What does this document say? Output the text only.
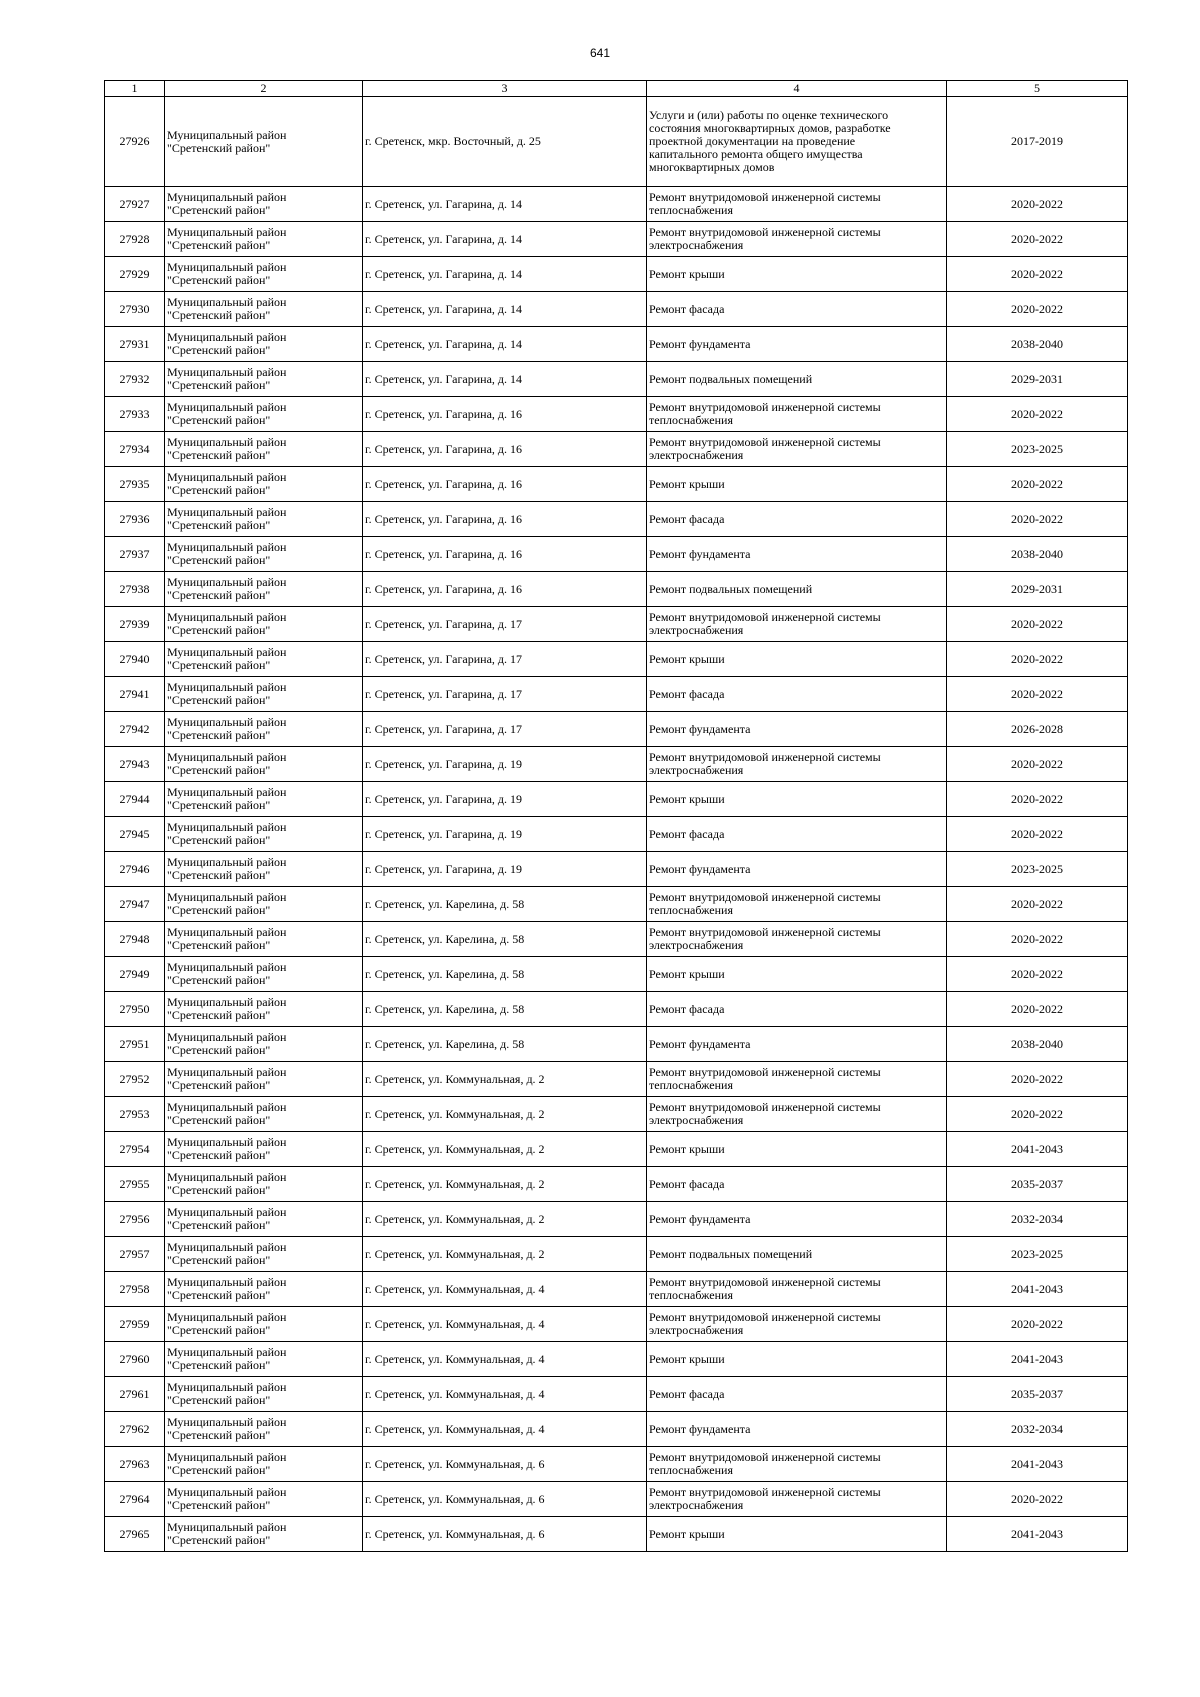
641
1	2	3	4	5
27926	Муниципальный район
"Сретенский район"	г. Сретенск, мкр. Восточный, д. 25	Услуги и (или) работы по оценке технического
состояния многоквартирных домов, разработке
проектной документации на проведение
капитального ремонта общего имущества
многоквартирных домов	2017-2019
27927	Муниципальный район
"Сретенский район"	г. Сретенск, ул. Гагарина, д. 14	Ремонт внутридомовой инженерной системы
теплоснабжения	2020-2022
27928	Муниципальный район
"Сретенский район"	г. Сретенск, ул. Гагарина, д. 14	Ремонт внутридомовой инженерной системы
электроснабжения	2020-2022
27929	Муниципальный район
"Сретенский район"	г. Сретенск, ул. Гагарина, д. 14	Ремонт крыши	2020-2022
27930	Муниципальный район
"Сретенский район"	г. Сретенск, ул. Гагарина, д. 14	Ремонт фасада	2020-2022
27931	Муниципальный район
"Сретенский район"	г. Сретенск, ул. Гагарина, д. 14	Ремонт фундамента	2038-2040
27932	Муниципальный район
"Сретенский район"	г. Сретенск, ул. Гагарина, д. 14	Ремонт подвальных помещений	2029-2031
27933	Муниципальный район
"Сретенский район"	г. Сретенск, ул. Гагарина, д. 16	Ремонт внутридомовой инженерной системы
теплоснабжения	2020-2022
27934	Муниципальный район
"Сретенский район"	г. Сретенск, ул. Гагарина, д. 16	Ремонт внутридомовой инженерной системы
электроснабжения	2023-2025
27935	Муниципальный район
"Сретенский район"	г. Сретенск, ул. Гагарина, д. 16	Ремонт крыши	2020-2022
27936	Муниципальный район
"Сретенский район"	г. Сретенск, ул. Гагарина, д. 16	Ремонт фасада	2020-2022
27937	Муниципальный район
"Сретенский район"	г. Сретенск, ул. Гагарина, д. 16	Ремонт фундамента	2038-2040
27938	Муниципальный район
"Сретенский район"	г. Сретенск, ул. Гагарина, д. 16	Ремонт подвальных помещений	2029-2031
27939	Муниципальный район
"Сретенский район"	г. Сретенск, ул. Гагарина, д. 17	Ремонт внутридомовой инженерной системы
электроснабжения	2020-2022
27940	Муниципальный район
"Сретенский район"	г. Сретенск, ул. Гагарина, д. 17	Ремонт крыши	2020-2022
27941	Муниципальный район
"Сретенский район"	г. Сретенск, ул. Гагарина, д. 17	Ремонт фасада	2020-2022
27942	Муниципальный район
"Сретенский район"	г. Сретенск, ул. Гагарина, д. 17	Ремонт фундамента	2026-2028
27943	Муниципальный район
"Сретенский район"	г. Сретенск, ул. Гагарина, д. 19	Ремонт внутридомовой инженерной системы
электроснабжения	2020-2022
27944	Муниципальный район
"Сретенский район"	г. Сретенск, ул. Гагарина, д. 19	Ремонт крыши	2020-2022
27945	Муниципальный район
"Сретенский район"	г. Сретенск, ул. Гагарина, д. 19	Ремонт фасада	2020-2022
27946	Муниципальный район
"Сретенский район"	г. Сретенск, ул. Гагарина, д. 19	Ремонт фундамента	2023-2025
27947	Муниципальный район
"Сретенский район"	г. Сретенск, ул. Карелина, д. 58	Ремонт внутридомовой инженерной системы
теплоснабжения	2020-2022
27948	Муниципальный район
"Сретенский район"	г. Сретенск, ул. Карелина, д. 58	Ремонт внутридомовой инженерной системы
электроснабжения	2020-2022
27949	Муниципальный район
"Сретенский район"	г. Сретенск, ул. Карелина, д. 58	Ремонт крыши	2020-2022
27950	Муниципальный район
"Сретенский район"	г. Сретенск, ул. Карелина, д. 58	Ремонт фасада	2020-2022
27951	Муниципальный район
"Сретенский район"	г. Сретенск, ул. Карелина, д. 58	Ремонт фундамента	2038-2040
27952	Муниципальный район
"Сретенский район"	г. Сретенск, ул. Коммунальная, д. 2	Ремонт внутридомовой инженерной системы
теплоснабжения	2020-2022
27953	Муниципальный район
"Сретенский район"	г. Сретенск, ул. Коммунальная, д. 2	Ремонт внутридомовой инженерной системы
электроснабжения	2020-2022
27954	Муниципальный район
"Сретенский район"	г. Сретенск, ул. Коммунальная, д. 2	Ремонт крыши	2041-2043
27955	Муниципальный район
"Сретенский район"	г. Сретенск, ул. Коммунальная, д. 2	Ремонт фасада	2035-2037
27956	Муниципальный район
"Сретенский район"	г. Сретенск, ул. Коммунальная, д. 2	Ремонт фундамента	2032-2034
27957	Муниципальный район
"Сретенский район"	г. Сретенск, ул. Коммунальная, д. 2	Ремонт подвальных помещений	2023-2025
27958	Муниципальный район
"Сретенский район"	г. Сретенск, ул. Коммунальная, д. 4	Ремонт внутридомовой инженерной системы
теплоснабжения	2041-2043
27959	Муниципальный район
"Сретенский район"	г. Сретенск, ул. Коммунальная, д. 4	Ремонт внутридомовой инженерной системы
электроснабжения	2020-2022
27960	Муниципальный район
"Сретенский район"	г. Сретенск, ул. Коммунальная, д. 4	Ремонт крыши	2041-2043
27961	Муниципальный район
"Сретенский район"	г. Сретенск, ул. Коммунальная, д. 4	Ремонт фасада	2035-2037
27962	Муниципальный район
"Сретенский район"	г. Сретенск, ул. Коммунальная, д. 4	Ремонт фундамента	2032-2034
27963	Муниципальный район
"Сретенский район"	г. Сретенск, ул. Коммунальная, д. 6	Ремонт внутридомовой инженерной системы
теплоснабжения	2041-2043
27964	Муниципальный район
"Сретенский район"	г. Сретенск, ул. Коммунальная, д. 6	Ремонт внутридомовой инженерной системы
электроснабжения	2020-2022
27965	Муниципальный район
"Сретенский район"	г. Сретенск, ул. Коммунальная, д. 6	Ремонт крыши	2041-2043
